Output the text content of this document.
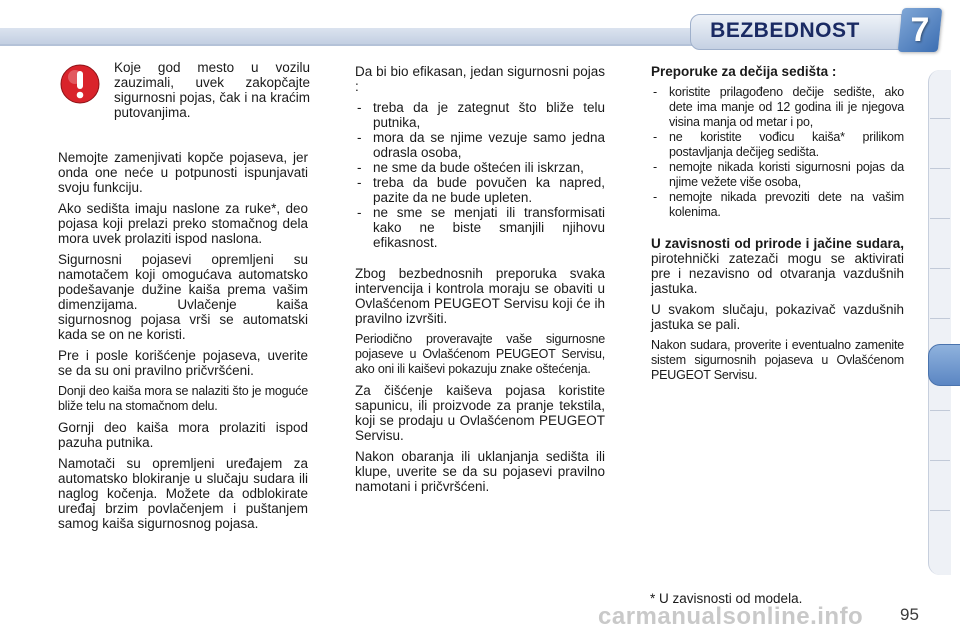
BEZBEDNOST	7
Koje god mesto u vozilu zauzimali, uvek zakopčajte sigurnosni pojas, čak i na kraćim putovanjima.

Nemojte zamenjivati kopče pojaseva, jer onda one neće u potpunosti ispunjavati svoju funkciju.

Ako sedišta imaju naslone za ruke*, deo pojasa koji prelazi preko stomačnog dela mora uvek prolaziti ispod naslona.

Sigurnosni pojasevi opremljeni su namotačem koji omogućava automatsko podešavanje dužine kaiša prema vašim dimenzijama. Uvlačenje kaiša sigurnosnog pojasa vrši se automatski kada se on ne koristi.

Pre i posle korišćenje pojaseva, uverite se da su oni pravilno pričvršćeni.

Donji deo kaiša mora se nalaziti što je moguće bliže telu na stomačnom delu.

Gornji deo kaiša mora prolaziti ispod pazuha putnika.

Namotači su opremljeni uređajem za automatsko blokiranje u slučaju sudara ili naglog kočenja. Možete da odblokirate uređaj brzim povlačenjem i puštanjem samog kaiša sigurnosnog pojasa.

Da bi bio efikasan, jedan sigurnosni pojas :

- treba da je zategnut što bliže telu putnika,
- mora da se njime vezuje samo jedna odrasla osoba,
- ne sme da bude oštećen ili iskrzan,
- treba da bude povučen ka napred, pazite da ne bude upleten.
- ne sme se menjati ili transformisati kako ne biste smanjili njihovu efikasnost.

Zbog bezbednosnih preporuka svaka intervencija i kontrola moraju se obaviti u Ovlašćenom PEUGEOT Servisu koji će ih pravilno izvršiti.

Periodično proveravajte vaše sigurnosne pojaseve u Ovlašćenom PEUGEOT Servisu, ako oni ili kaiševi pokazuju znake oštećenja.

Za čišćenje kaiševa pojasa koristite sapunicu, ili proizvode za pranje tekstila, koji se prodaju u Ovlašćenom PEUGEOT Servisu.

Nakon obaranja ili uklanjanja sedišta ili klupe, uverite se da su pojasevi pravilno namotani i pričvršćeni.

Preporuke za dečija sedišta :

- koristite prilagođeno dečije sedište, ako dete ima manje od 12 godina ili je njegova visina manja od metar i po,
- ne koristite vođicu kaiša* prilikom postavljanja dečijeg sedišta.
- nemojte nikada koristi sigurnosni pojas da njime vežete više osoba,
- nemojte nikada prevoziti dete na vašim kolenima.

U zavisnosti od prirode i jačine sudara, pirotehnički zatezači mogu se aktivirati pre i nezavisno od otvaranja vazdušnih jastuka.

U svakom slučaju, pokazivač vazdušnih jastuka se pali.

Nakon sudara, proverite i eventualno zamenite sistem sigurnosnih pojaseva u Ovlašćenom PEUGEOT Servisu.

* U zavisnosti od modela.
carmanualsonline.info 95
